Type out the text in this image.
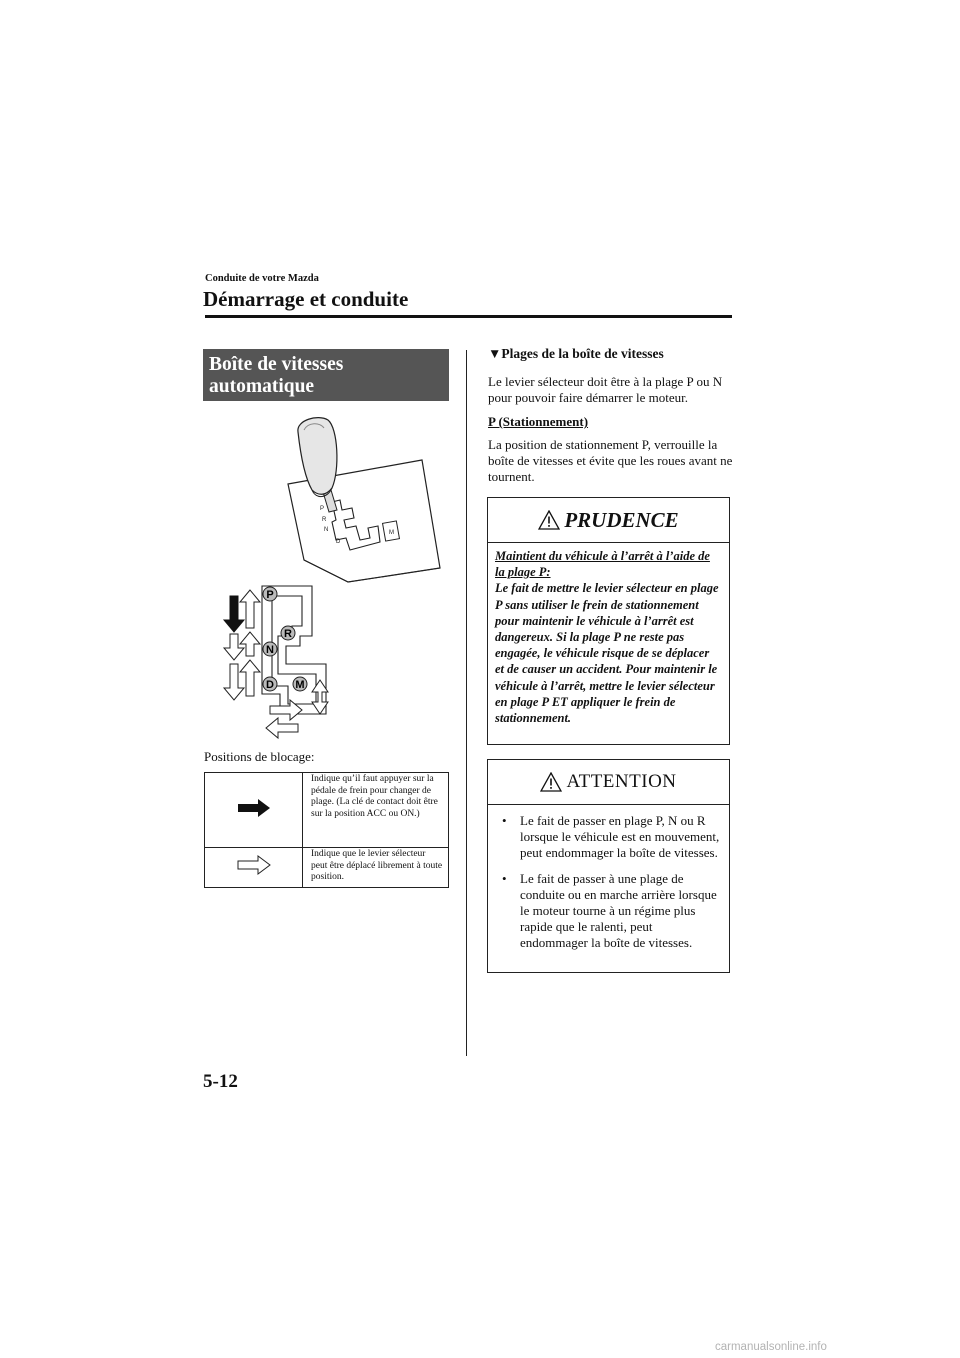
Conduite de votre Mazda
Démarrage et conduite
Boîte de vitesses
automatique
M
P
R
N
D
P
R
N
D M
Positions de blocage:
	Indique qu’il faut appuyer sur la pédale de frein pour changer de plage. (La clé de contact doit être sur la position ACC ou ON.)
	Indique que le levier sélecteur peut être déplacé librement à toute position.
▼Plages de la boîte de vitesses
Le levier sélecteur doit être à la plage P ou N pour pouvoir faire démarrer le moteur.
P (Stationnement)
La position de stationnement P, verrouille la boîte de vitesses et évite que les roues avant ne tournent.
PRUDENCE
Maintient du véhicule à l’arrêt à l’aide de la plage P:
Le fait de mettre le levier sélecteur en plage P sans utiliser le frein de stationnement pour maintenir le véhicule à l’arrêt est dangereux. Si la plage P ne reste pas engagée, le véhicule risque de se déplacer et de causer un accident. Pour maintenir le véhicule à l’arrêt, mettre le levier sélecteur en plage P ET appliquer le frein de stationnement.
ATTENTION
• Le fait de passer en plage P, N ou R lorsque le véhicule est en mouvement, peut endommager la boîte de vitesses.
• Le fait de passer à une plage de conduite ou en marche arrière lorsque le moteur tourne à un régime plus rapide que le ralenti, peut endommager la boîte de vitesses.
5-12
carmanualsonline.info
